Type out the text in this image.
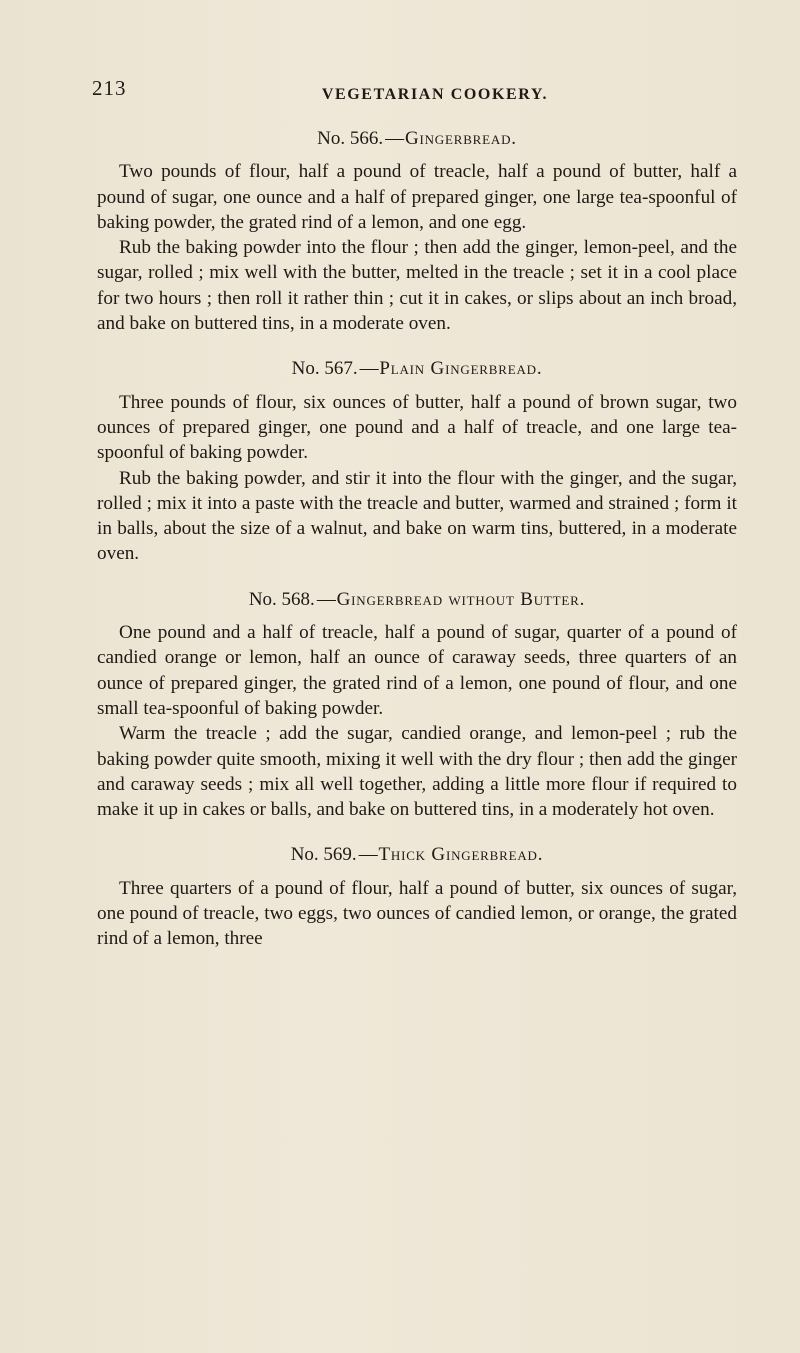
213	VEGETARIAN COOKERY.
No. 566. —Gingerbread.

Two pounds of flour, half a pound of treacle, half a pound of butter, half a pound of sugar, one ounce and a half of prepared ginger, one large tea-spoonful of baking powder, the grated rind of a lemon, and one egg.

Rub the baking powder into the flour ; then add the ginger, lemon-peel, and the sugar, rolled ; mix well with the butter, melted in the treacle ; set it in a cool place for two hours ; then roll it rather thin ; cut it in cakes, or slips about an inch broad, and bake on buttered tins, in a moderate oven.

No. 567. —Plain Gingerbread.

Three pounds of flour, six ounces of butter, half a pound of brown sugar, two ounces of prepared ginger, one pound and a half of treacle, and one large tea-spoonful of baking powder.

Rub the baking powder, and stir it into the flour with the ginger, and the sugar, rolled ; mix it into a paste with the treacle and butter, warmed and strained ; form it in balls, about the size of a walnut, and bake on warm tins, buttered, in a moderate oven.

No. 568. —Gingerbread without Butter.

One pound and a half of treacle, half a pound of sugar, quarter of a pound of candied orange or lemon, half an ounce of caraway seeds, three quarters of an ounce of prepared ginger, the grated rind of a lemon, one pound of flour, and one small tea-spoonful of baking powder.

Warm the treacle ; add the sugar, candied orange, and lemon-peel ; rub the baking powder quite smooth, mixing it well with the dry flour ; then add the ginger and caraway seeds ; mix all well together, adding a little more flour if required to make it up in cakes or balls, and bake on buttered tins, in a moderately hot oven.

No. 569. —Thick Gingerbread.

Three quarters of a pound of flour, half a pound of butter, six ounces of sugar, one pound of treacle, two eggs, two ounces of candied lemon, or orange, the grated rind of a lemon, three
